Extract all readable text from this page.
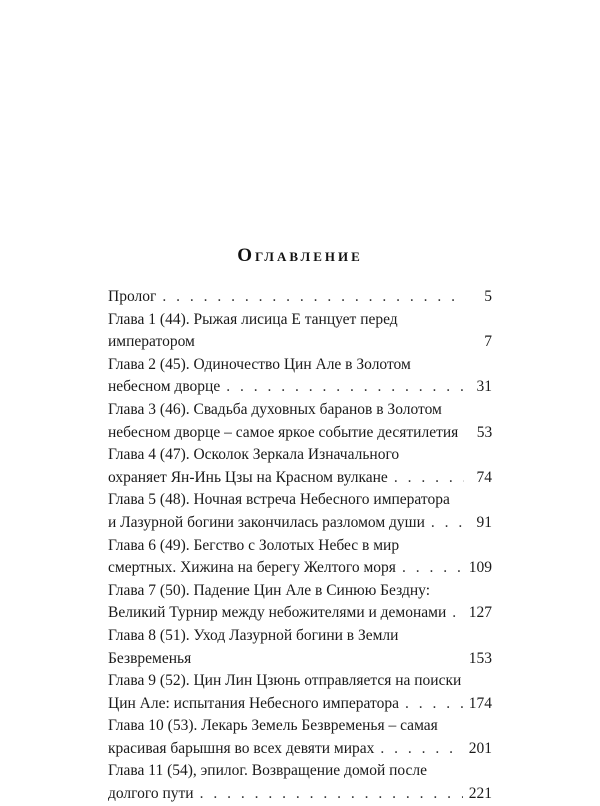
Оглавление
Пролог . . .	5
Глава 1 (44). Рыжая лисица Е танцует перед
императором	7
Глава 2 (45). Одиночество Цин Але в Золотом
небесном дворце . . .	31
Глава 3 (46). Свадьба духовных баранов в Золотом
небесном дворце – самое яркое событие десятилетия	53
Глава 4 (47). Осколок Зеркала Изначального
охраняет Ян-Инь Цзы на Красном вулкане . . .	74
Глава 5 (48). Ночная встреча Небесного императора
и Лазурной богини закончилась разломом души . . .	91
Глава 6 (49). Бегство с Золотых Небес в мир
смертных. Хижина на берегу Желтого моря . . .	109
Глава 7 (50). Падение Цин Але в Синюю Бездну:
Великий Турнир между небожителями и демонами . . . 127
Глава 8 (51). Уход Лазурной богини в Земли
Безвременья	153
Глава 9 (52). Цин Лин Цзюнь отправляется на поиски
Цин Але: испытания Небесного императора . . .	174
Глава 10 (53). Лекарь Земель Безвременья – самая
красивая барышня во всех девяти мирах . . .	201
Глава 11 (54), эпилог. Возвращение домой после
долгого пути . . .	221
